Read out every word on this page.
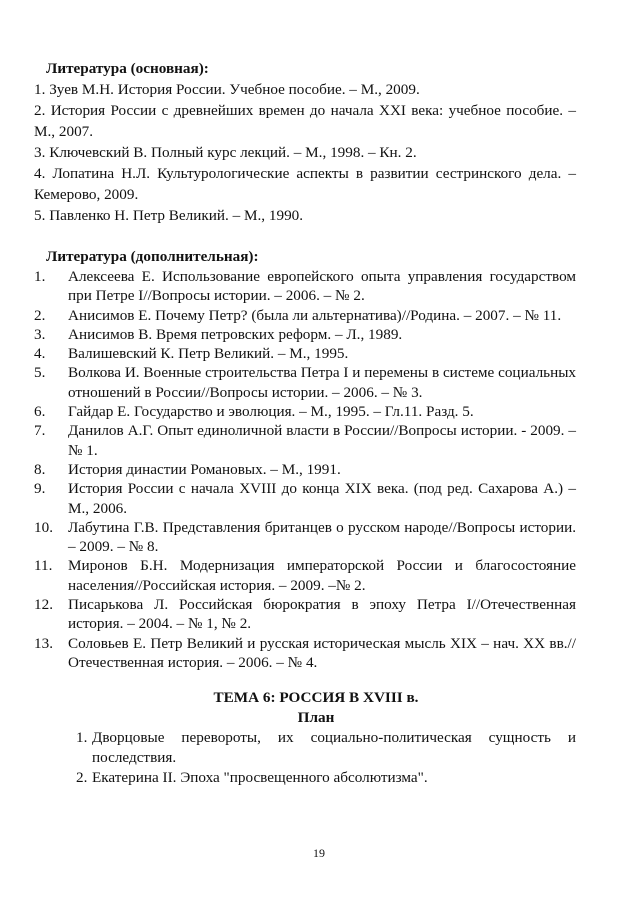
Литература (основная):

1. Зуев М.Н. История России. Учебное пособие. – М., 2009.

2. История России с древнейших времен до начала XXI века: учебное пособие. – М., 2007.

3. Ключевский В. Полный курс лекций. – М., 1998. – Кн. 2.

4. Лопатина Н.Л. Культурологические аспекты в развитии сестринского дела. – Кемерово, 2009.

5. Павленко Н. Петр Великий. – М., 1990.

Литература (дополнительная):

1. Алексеева Е. Использование европейского опыта управления государством при Петре I//Вопросы истории. – 2006. – № 2.
2. Анисимов Е. Почему Петр? (была ли альтернатива)//Родина. – 2007. – № 11.
3. Анисимов В. Время петровских реформ. – Л., 1989.
4. Валишевский К. Петр Великий. – М., 1995.
5. Волкова И. Военные строительства Петра I и перемены в системе социальных отношений в России//Вопросы истории. – 2006. – № 3.
6. Гайдар Е. Государство и эволюция. – М., 1995. – Гл.11. Разд. 5.
7. Данилов А.Г. Опыт единоличной власти в России//Вопросы истории. - 2009. – № 1.
8. История династии Романовых. – М., 1991.
9. История России с начала XVIII до конца XIX века. (под ред. Сахарова А.) – М., 2006.
10. Лабутина Г.В. Представления британцев о русском народе//Вопросы истории. – 2009. – № 8.
11. Миронов Б.Н. Модернизация императорской России и благосостояние населения//Российская история. – 2009. –№ 2.
12. Писарькова Л. Российская бюрократия в эпоху Петра I//Отечественная история. – 2004. – № 1, № 2.
13. Соловьев Е. Петр Великий и русская историческая мысль XIX – нач. XX вв.//Отечественная история. – 2006. – № 4.

ТЕМА 6: РОССИЯ В XVIII в.

План

1. Дворцовые перевороты, их социально-политическая сущность и последствия.
2. Екатерина II. Эпоха "просвещенного абсолютизма".
19
